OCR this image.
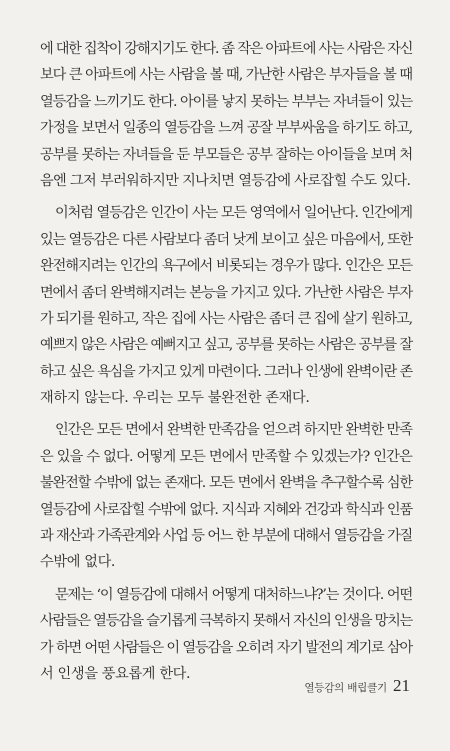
에 대한 집착이 강해지기도 한다. 좀 작은 아파트에 사는 사람은 자신
보다 큰 아파트에 사는 사람을 볼 때, 가난한 사람은 부자들을 볼 때
열등감을 느끼기도 한다. 아이를 낳지 못하는 부부는 자녀들이 있는
가정을 보면서 일종의 열등감을 느껴 공잘 부부싸움을 하기도 하고,
공부를 못하는 자녀들을 둔 부모들은 공부 잘하는 아이들을 보며 처
음엔 그저 부러워하지만 지나치면 열등감에 사로잡힐 수도 있다.
이처럼 열등감은 인간이 사는 모든 영역에서 일어난다. 인간에게
있는 열등감은 다른 사람보다 좀더 낫게 보이고 싶은 마음에서, 또한
완전해지려는 인간의 욕구에서 비롯되는 경우가 많다. 인간은 모든
면에서 좀더 완벽해지려는 본능을 가지고 있다. 가난한 사람은 부자
가 되기를 원하고, 작은 집에 사는 사람은 좀더 큰 집에 살기 원하고,
예쁘지 않은 사람은 예뻐지고 싶고, 공부를 못하는 사람은 공부를 잘
하고 싶은 욕심을 가지고 있게 마련이다. 그러나 인생에 완벽이란 존
재하지 않는다. 우리는 모두 불완전한 존재다.
인간은 모든 면에서 완벽한 만족감을 얻으려 하지만 완벽한 만족
은 있을 수 없다. 어떻게 모든 면에서 만족할 수 있겠는가? 인간은
불완전할 수밖에 없는 존재다. 모든 면에서 완벽을 추구할수록 심한
열등감에 사로잡힐 수밖에 없다. 지식과 지혜와 건강과 학식과 인품
과 재산과 가족관계와 사업 등 어느 한 부분에 대해서 열등감을 가질
수밖에 없다.
문제는 ‘이 열등감에 대해서 어떻게 대처하느냐?’는 것이다. 어떤
사람들은 열등감을 슬기롭게 극복하지 못해서 자신의 인생을 망치는
가 하면 어떤 사람들은 이 열등감을 오히려 자기 발전의 계기로 삼아
서 인생을 풍요롭게 한다.
열등감의 배립클기 21
